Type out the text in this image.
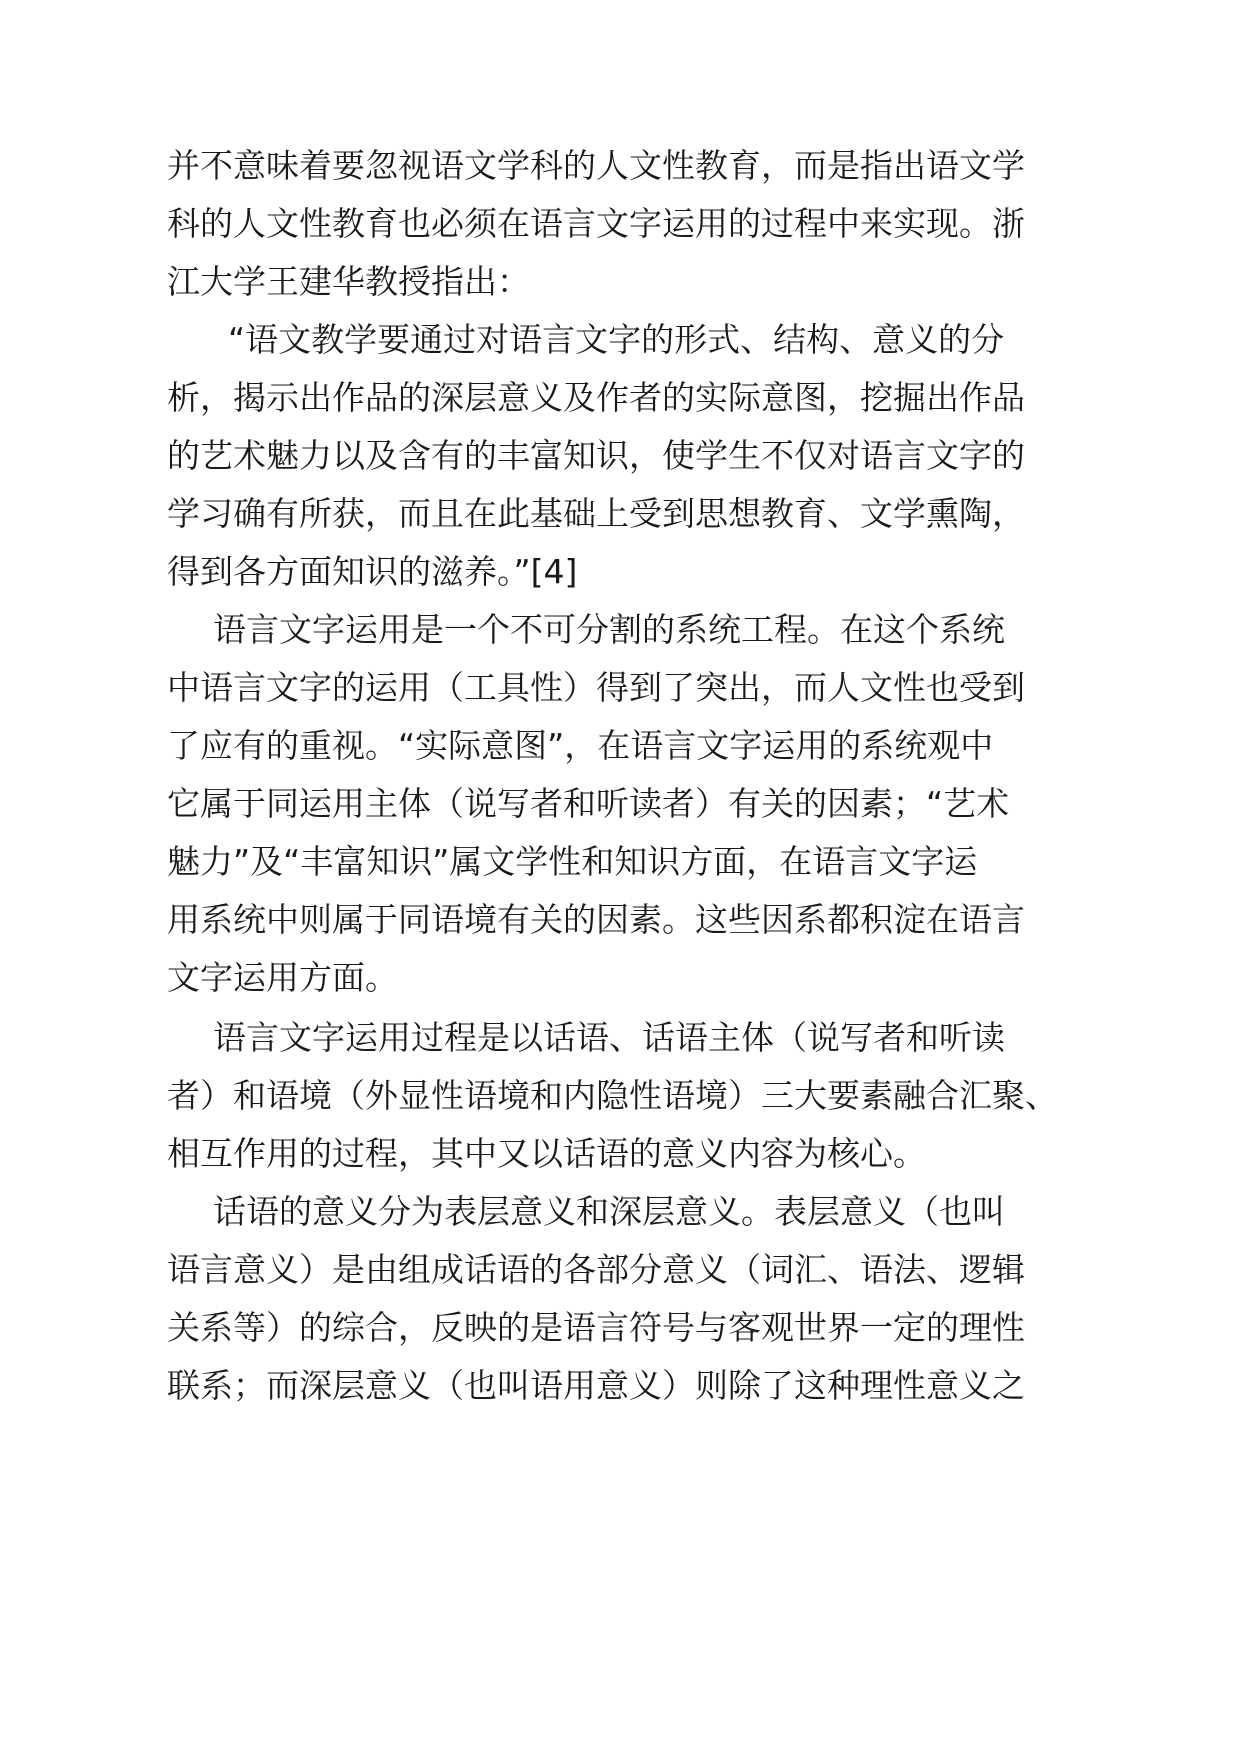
并不意味着要忽视语文学科的人文性教育，而是指出语文学
科的人文性教育也必须在语言文字运用的过程中来实现。浙
江大学王建华教授指出：
“语文教学要通过对语言文字的形式、结构、意义的分
析，揭示出作品的深层意义及作者的实际意图，挖掘出作品
的艺术魅力以及含有的丰富知识，使学生不仅对语言文字的
学习确有所获，而且在此基础上受到思想教育、文学熏陶，
得到各方面知识的滋养。”[4]
语言文字运用是一个不可分割的系统工程。在这个系统
中语言文字的运用（工具性）得到了突出，而人文性也受到
了应有的重视。“实际意图”，在语言文字运用的系统观中
它属于同运用主体（说写者和听读者）有关的因素；“艺术
魅力”及“丰富知识”属文学性和知识方面，在语言文字运
用系统中则属于同语境有关的因素。这些因系都积淀在语言
文字运用方面。
语言文字运用过程是以话语、话语主体（说写者和听读
者）和语境（外显性语境和内隐性语境）三大要素融合汇聚、
相互作用的过程，其中又以话语的意义内容为核心。
话语的意义分为表层意义和深层意义。表层意义（也叫
语言意义）是由组成话语的各部分意义（词汇、语法、逻辑
关系等）的综合，反映的是语言符号与客观世界一定的理性
联系；而深层意义（也叫语用意义）则除了这种理性意义之
